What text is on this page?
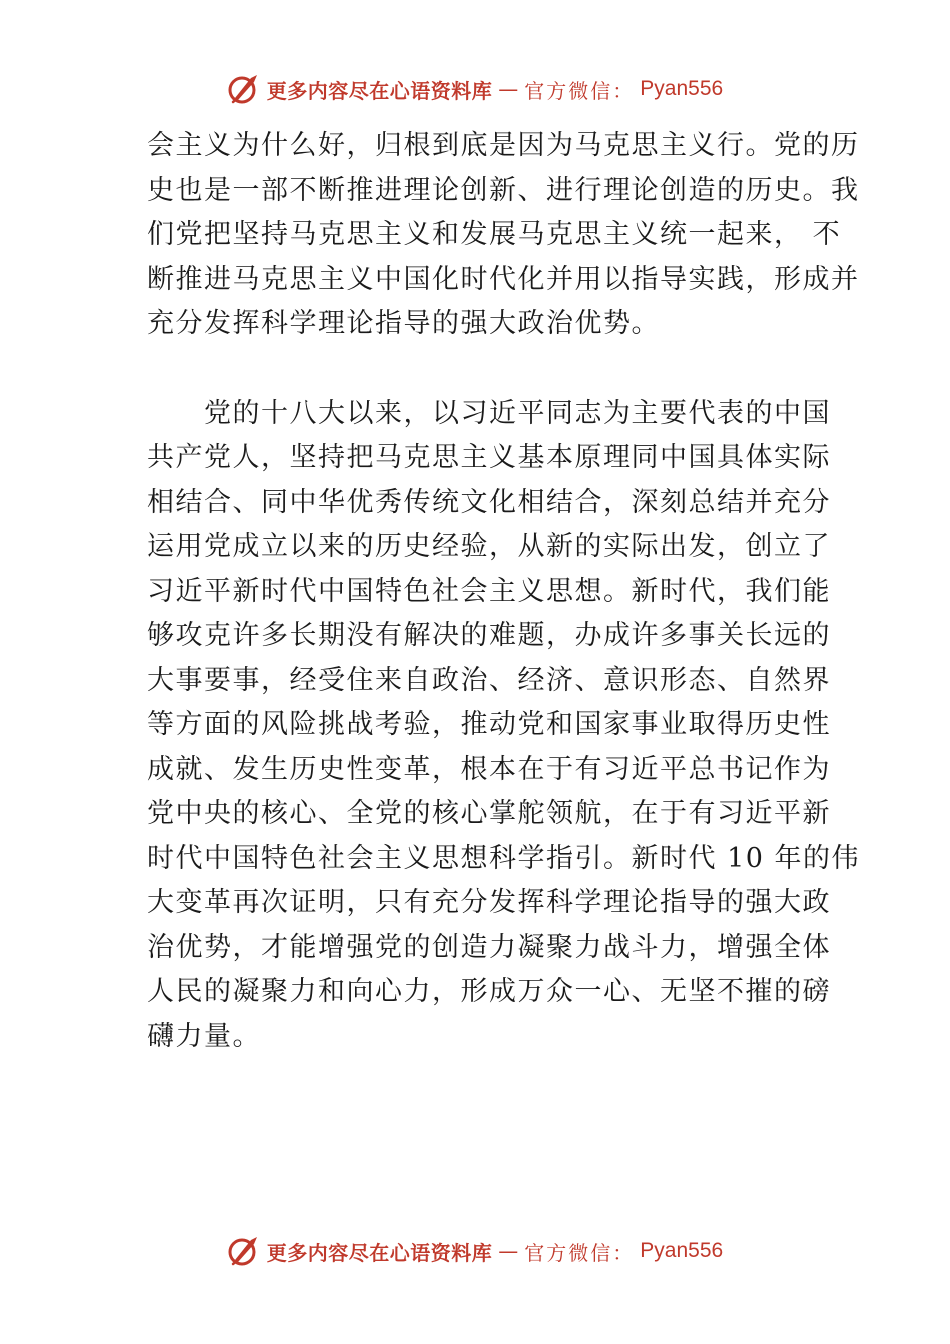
更多内容尽在心语资料库 — 官方微信： Pyan556

会主义为什么好，归根到底是因为马克思主义行。党的历
史也是一部不断推进理论创新、进行理论创造的历史。我
们党把坚持马克思主义和发展马克思主义统一起来， 不
断推进马克思主义中国化时代化并用以指导实践，形成并
充分发挥科学理论指导的强大政治优势。

　　党的十八大以来，以习近平同志为主要代表的中国
共产党人，坚持把马克思主义基本原理同中国具体实际
相结合、同中华优秀传统文化相结合，深刻总结并充分
运用党成立以来的历史经验，从新的实际出发，创立了
习近平新时代中国特色社会主义思想。新时代，我们能
够攻克许多长期没有解决的难题，办成许多事关长远的
大事要事，经受住来自政治、经济、意识形态、自然界
等方面的风险挑战考验，推动党和国家事业取得历史性
成就、发生历史性变革，根本在于有习近平总书记作为
党中央的核心、全党的核心掌舵领航，在于有习近平新
时代中国特色社会主义思想科学指引。新时代 10 年的伟
大变革再次证明，只有充分发挥科学理论指导的强大政
治优势，才能增强党的创造力凝聚力战斗力，增强全体
人民的凝聚力和向心力，形成万众一心、无坚不摧的磅
礴力量。

更多内容尽在心语资料库 — 官方微信： Pyan556
